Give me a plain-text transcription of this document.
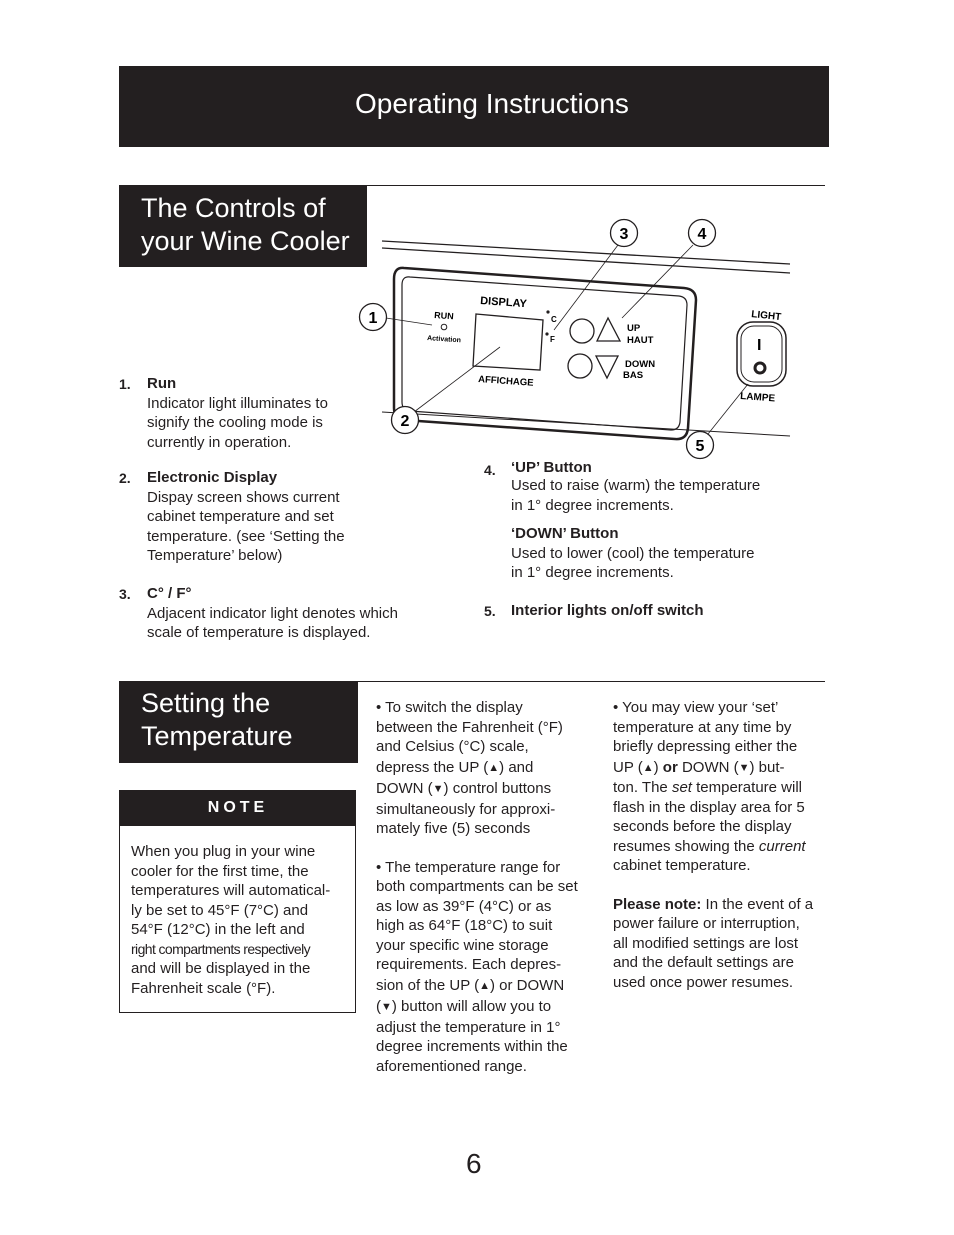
Operating Instructions
The Controls of
your Wine Cooler
DISPLAY
AFFICHAGE
RUN
Activation
C
F
UP
HAUT
DOWN
BAS
LIGHT
I
LAMPE
1
2
3	4
5
1. Run
Indicator light illuminates to
signify the cooling mode is
currently in operation.
2. Electronic Display
Dispay screen shows current
cabinet temperature and set
temperature. (see ‘Setting the
Temperature’ below)
3. C° / F°
Adjacent indicator light denotes which
scale of temperature is displayed.
4. ‘UP’ Button
Used to raise (warm) the temperature
in 1° degree increments.
‘DOWN’ Button
Used to lower (cool) the temperature
in 1° degree increments.
5. Interior lights on/off switch
Setting the
Temperature
NOTE
When you plug in your wine
cooler for the first time, the
temperatures will automatical-
ly be set to 45°F (7°C) and
54°F (12°C) in the left and
right compartments respectively
and will be displayed in the
Fahrenheit scale (°F).
• To switch the display
between the Fahrenheit (°F)
and Celsius (°C) scale,
depress the UP (▲) and
DOWN (▼) control buttons
simultaneously for approxi-
mately five (5) seconds
• The temperature range for
both compartments can be set
as low as 39°F (4°C) or as
high as 64°F (18°C) to suit
your specific wine storage
requirements. Each depres-
sion of the UP (▲) or DOWN
(▼) button will allow you to
adjust the temperature in 1°
degree increments within the
aforementioned range.
• You may view your ‘set’
temperature at any time by
briefly depressing either the
UP (▲) or DOWN (▼) but-
ton. The set temperature will
flash in the display area for 5
seconds before the display
resumes showing the current
cabinet temperature.
Please note: In the event of a
power failure or interruption,
all modified settings are lost
and the default settings are
used once power resumes.
6
